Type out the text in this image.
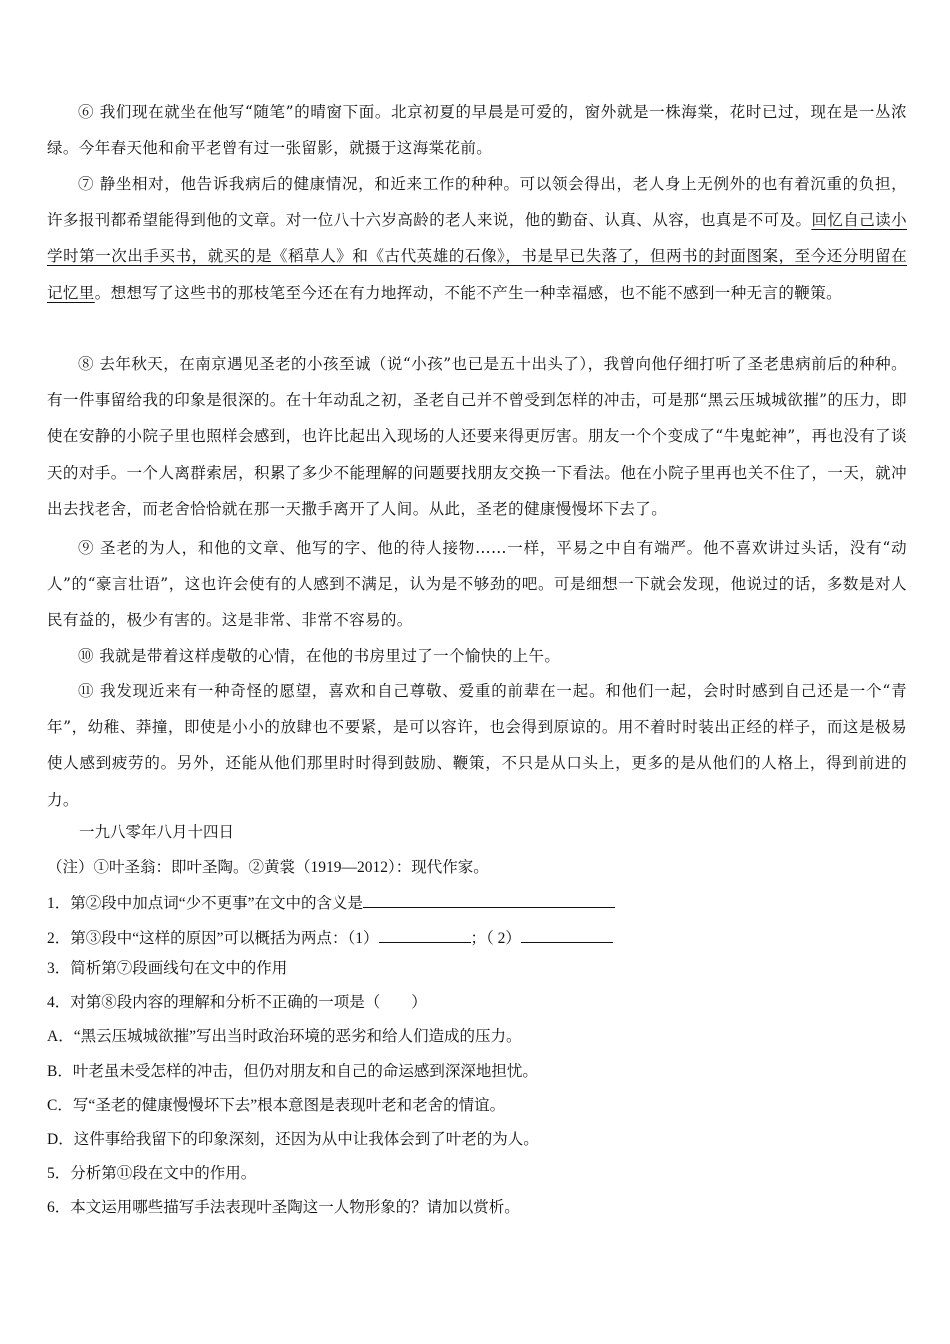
⑥ 我们现在就坐在他写“随笔”的晴窗下面。北京初夏的早晨是可爱的，窗外就是一株海棠，花时已过，现在是一丛浓绿。今年春天他和俞平老曾有过一张留影，就摄于这海棠花前。

⑦ 静坐相对，他告诉我病后的健康情况，和近来工作的种种。可以领会得出，老人身上无例外的也有着沉重的负担，许多报刊都希望能得到他的文章。对一位八十六岁高龄的老人来说，他的勤奋、认真、从容，也真是不可及。回忆自己读小学时第一次出手买书，就买的是《稻草人》和《古代英雄的石像》，书是早已失落了，但两书的封面图案，至今还分明留在记忆里。想想写了这些书的那枝笔至今还在有力地挥动，不能不产生一种幸福感，也不能不感到一种无言的鞭策。

⑧ 去年秋天，在南京遇见圣老的小孩至诚（说“小孩”也已是五十出头了），我曾向他仔细打听了圣老患病前后的种种。有一件事留给我的印象是很深的。在十年动乱之初，圣老自己并不曾受到怎样的冲击，可是那“黑云压城城欲摧”的压力，即使在安静的小院子里也照样会感到，也许比起出入现场的人还要来得更厉害。朋友一个个变成了“牛鬼蛇神”，再也没有了谈天的对手。一个人离群索居，积累了多少不能理解的问题要找朋友交换一下看法。他在小院子里再也关不住了，一天，就冲出去找老舍，而老舍恰恰就在那一天撒手离开了人间。从此，圣老的健康慢慢坏下去了。

⑨ 圣老的为人，和他的文章、他写的字、他的待人接物……一样，平易之中自有端严。他不喜欢讲过头话，没有“动人”的“豪言壮语”，这也许会使有的人感到不满足，认为是不够劲的吧。可是细想一下就会发现，他说过的话，多数是对人民有益的，极少有害的。这是非常、非常不容易的。

⑩ 我就是带着这样虔敬的心情，在他的书房里过了一个愉快的上午。

⑪ 我发现近来有一种奇怪的愿望，喜欢和自己尊敬、爱重的前辈在一起。和他们一起，会时时感到自己还是一个“青年”，幼稚、莽撞，即使是小小的放肆也不要紧，是可以容许，也会得到原谅的。用不着时时装出正经的样子，而这是极易使人感到疲劳的。另外，还能从他们那里时时得到鼓励、鞭策，不只是从口头上，更多的是从他们的人格上，得到前进的力。

一九八零年八月十四日

（注）①叶圣翁：即叶圣陶。②黄裳（1919—2012）：现代作家。

1．第②段中加点词“少不更事”在文中的含义是

2．第③段中“这样的原因”可以概括为两点：（1）	；（ 2）

3．简析第⑦段画线句在文中的作用

4．对第⑧段内容的理解和分析不正确的一项是（　　）

A．“黑云压城城欲摧”写出当时政治环境的恶劣和给人们造成的压力。

B．叶老虽未受怎样的冲击，但仍对朋友和自己的命运感到深深地担忧。

C．写“圣老的健康慢慢坏下去”根本意图是表现叶老和老舍的情谊。

D．这件事给我留下的印象深刻，还因为从中让我体会到了叶老的为人。

5．分析第⑪段在文中的作用。

6．本文运用哪些描写手法表现叶圣陶这一人物形象的？请加以赏析。
